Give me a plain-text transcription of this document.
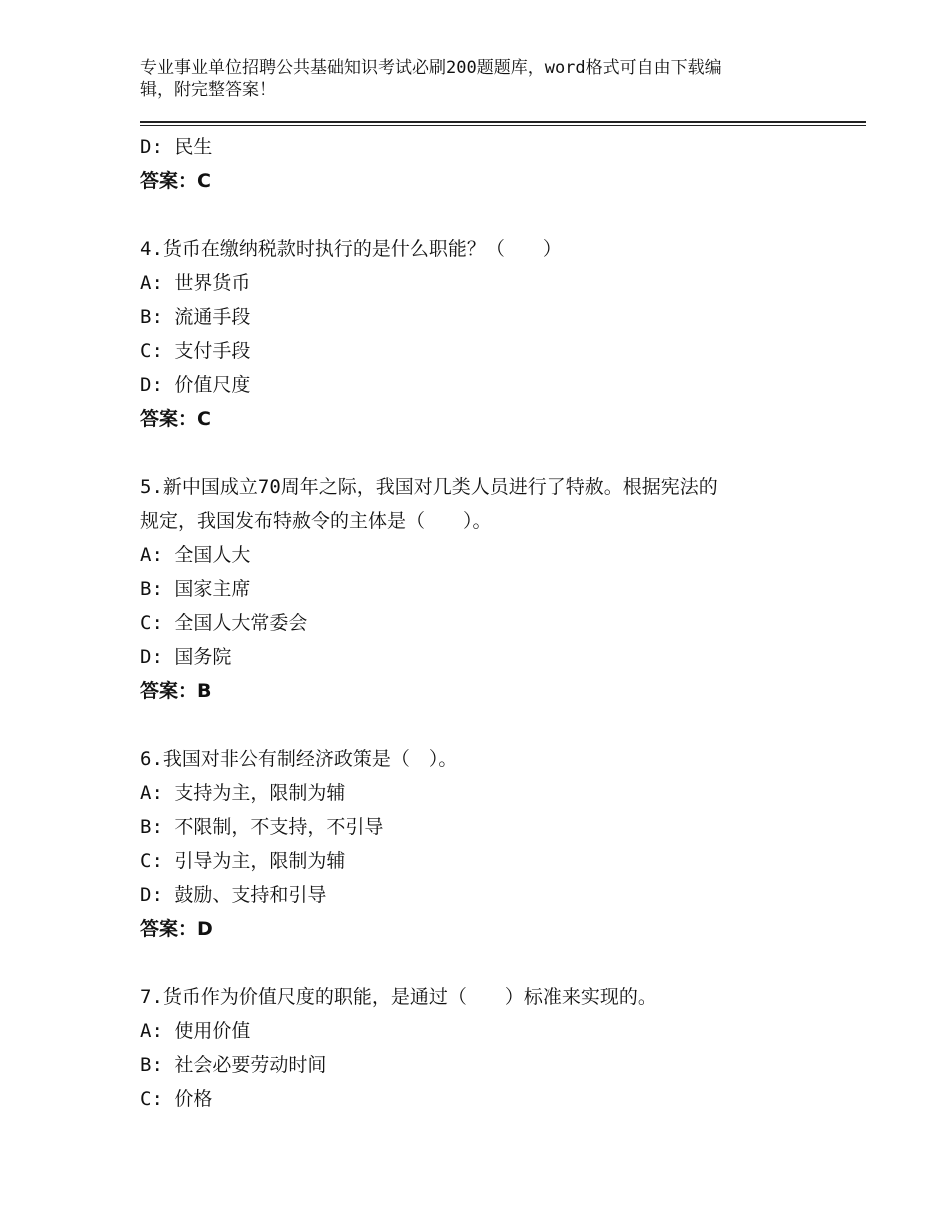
专业事业单位招聘公共基础知识考试必刷200题题库，word格式可自由下载编
辑，附完整答案！
D: 民生
答案：C
4.货币在缴纳税款时执行的是什么职能？（　　）
A: 世界货币
B: 流通手段
C: 支付手段
D: 价值尺度
答案：C
5.新中国成立70周年之际，我国对几类人员进行了特赦。根据宪法的
规定，我国发布特赦令的主体是（　　）。
A: 全国人大
B: 国家主席
C: 全国人大常委会
D: 国务院
答案：B
6.我国对非公有制经济政策是（　）。
A: 支持为主，限制为辅
B: 不限制，不支持，不引导
C: 引导为主，限制为辅
D: 鼓励、支持和引导
答案：D
7.货币作为价值尺度的职能，是通过（　　）标准来实现的。
A: 使用价值
B: 社会必要劳动时间
C: 价格
